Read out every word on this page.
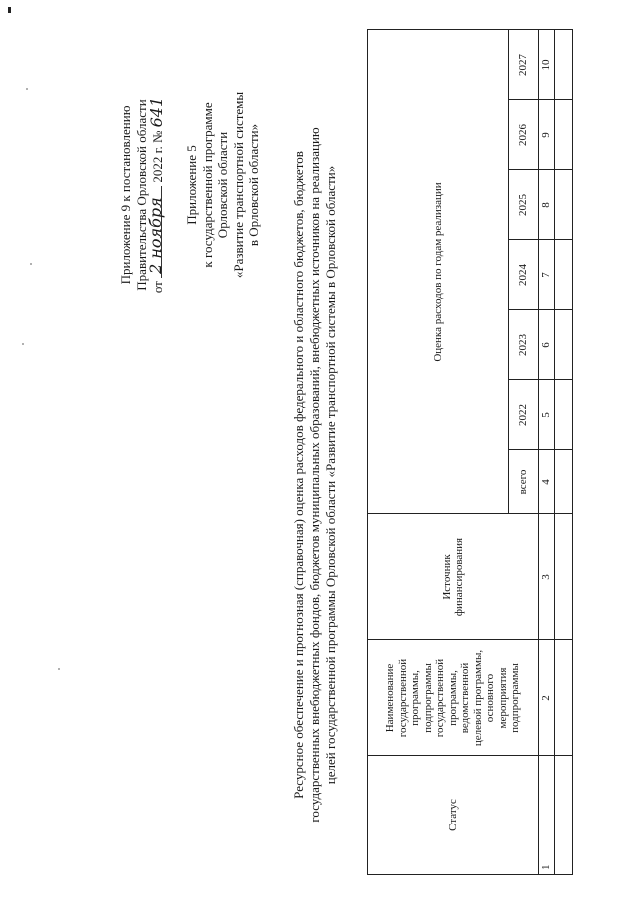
Приложение 9 к постановлению Правительства Орловской области от
2 ноября
2022 г. № 641
Приложение 5 к государственной программе Орловской области «Развитие транспортной системы в Орловской области» Ресурсное обеспечение и прогнозная (справочная) оценка расходов федерального и областного бюджетов, бюджетов государственных внебюджетных фондов, бюджетов муниципальных образований, внебюджетных источников на реализацию целей государственной программы Орловской области «Развитие транспортной системы в Орловской области»
Статус
Наименование государственной программы, подпрограммы государственной программы, ведомственной целевой программы, основного мероприятия подпрограммы
Источник финансирования
Оценка расходов по годам реализации
всего
2022
2023
2024
2025
2026
2027
1
2
3
4
5
6
7
8
9
10
